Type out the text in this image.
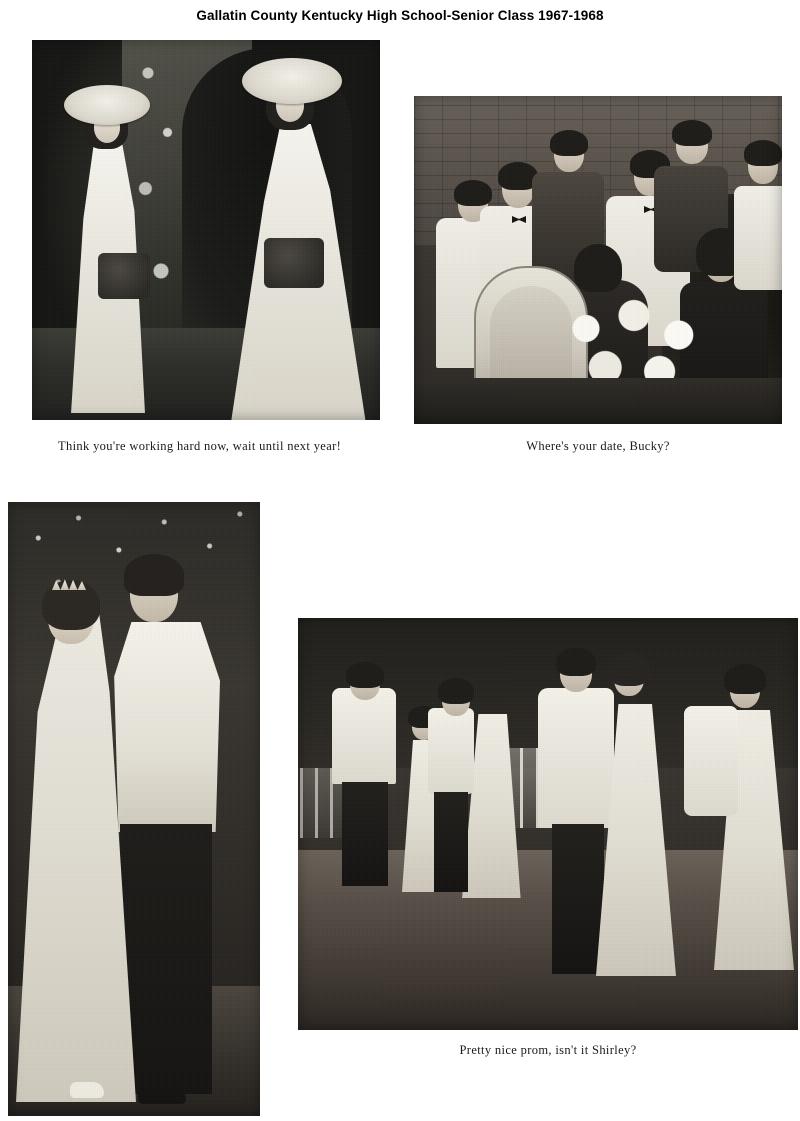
Gallatin County Kentucky High School-Senior Class 1967-1968
Think you're working hard now, wait until next year!	Where's your date, Bucky?
Pretty nice prom, isn't it Shirley?
